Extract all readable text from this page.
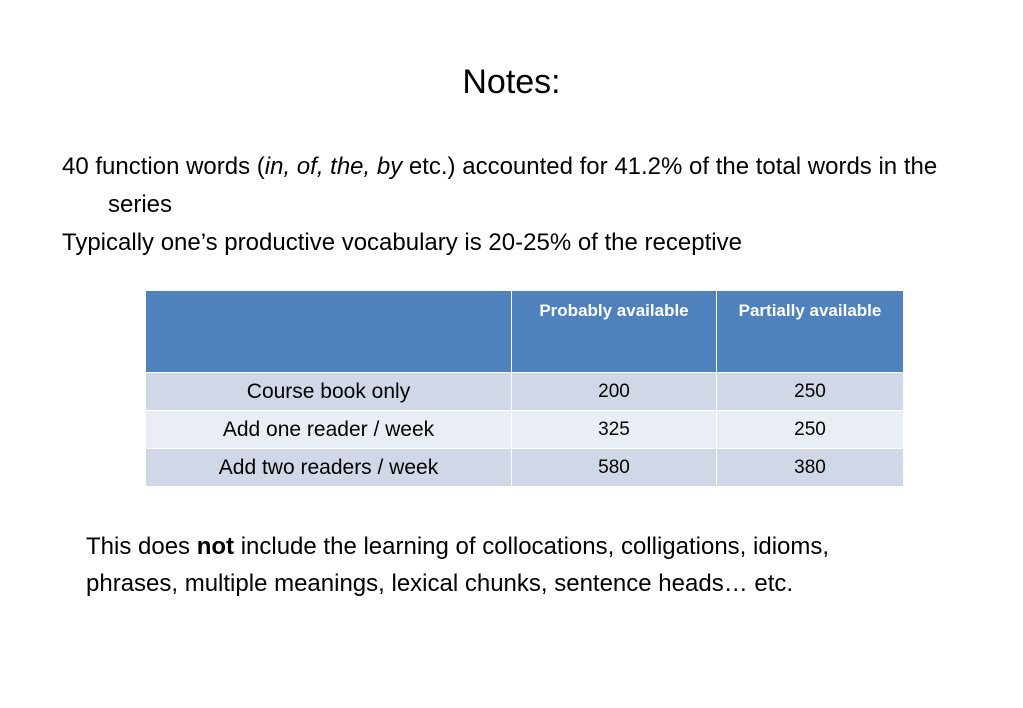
Notes:

40 function words (in, of, the, by etc.) accounted for 41.2% of the total words in the series

Typically one’s productive vocabulary is 20-25% of the receptive

	Probably available	Partially available
Course book only	200	250
Add one reader / week	325	250
Add two readers / week	580	380
This does not include the learning of collocations, colligations, idioms, phrases, multiple meanings, lexical chunks, sentence heads… etc.
